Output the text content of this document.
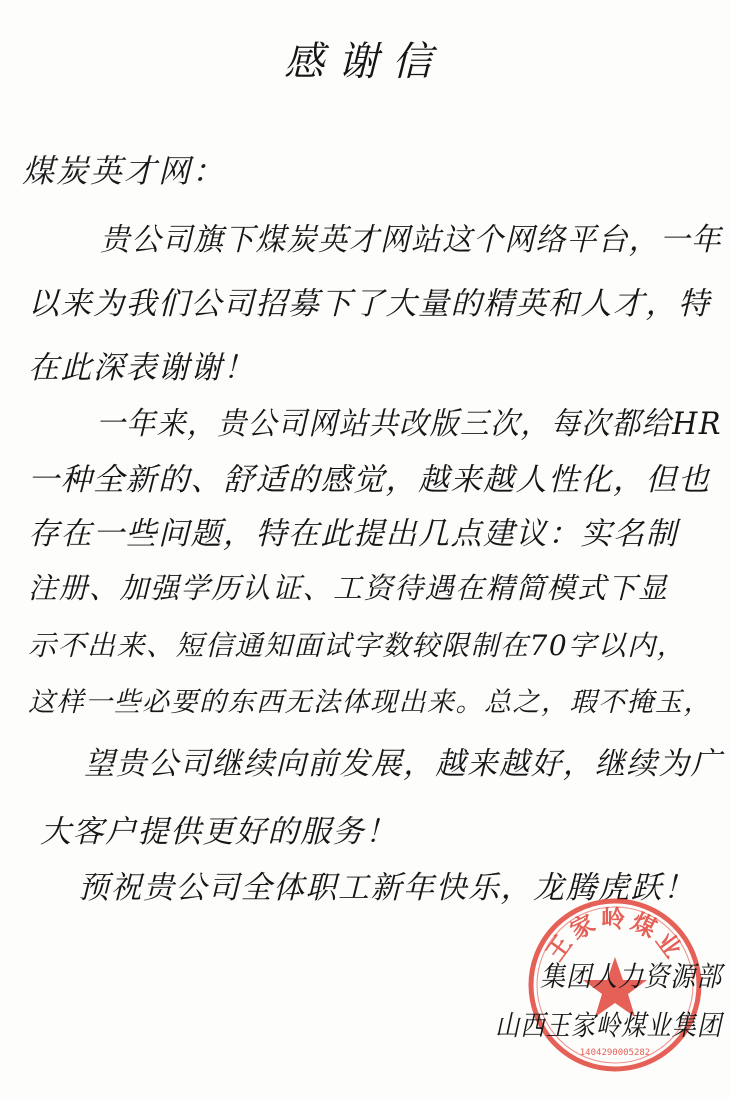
感谢信
煤炭英才网：
贵公司旗下煤炭英才网站这个网络平台，一年
以来为我们公司招募下了大量的精英和人才，特
在此深表谢谢！
一年来，贵公司网站共改版三次，每次都给HR
一种全新的、舒适的感觉，越来越人性化，但也
存在一些问题，特在此提出几点建议：实名制
注册、加强学历认证、工资待遇在精简模式下显
示不出来、短信通知面试字数较限制在70字以内，
这样一些必要的东西无法体现出来。总之，瑕不掩玉，
望贵公司继续向前发展，越来越好，继续为广
大客户提供更好的服务！
预祝贵公司全体职工新年快乐，龙腾虎跃！
王家岭煤业
1404290005282
集团人力资源部
山西王家岭煤业集团
